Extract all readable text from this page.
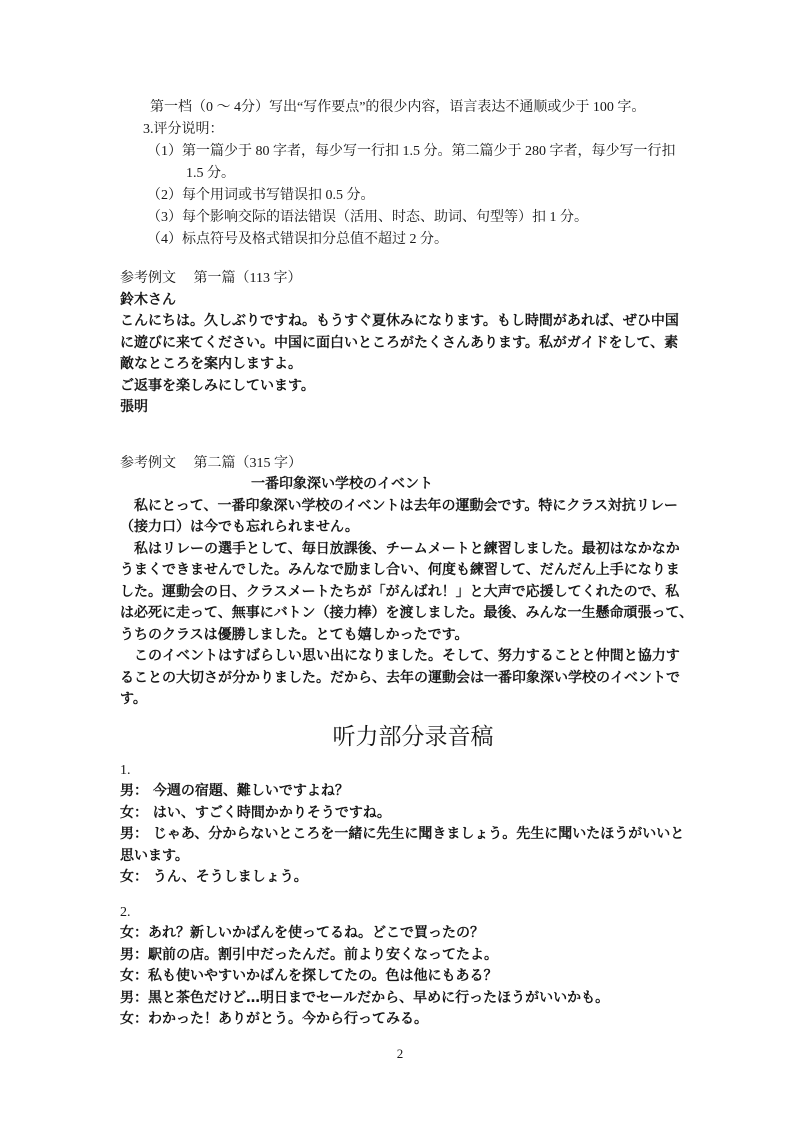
第一档（0 ～ 4分）写出“写作要点”的很少内容，语言表达不通顺或少于 100 字。
3.评分说明：
（1）第一篇少于 80 字者，每少写一行扣 1.5 分。第二篇少于 280 字者，每少写一行扣
1.5 分。
（2）每个用词或书写错误扣 0.5 分。
（3）每个影响交际的语法错误（活用、时态、助词、句型等）扣 1 分。
（4）标点符号及格式错误扣分总值不超过 2 分。
参考例文　 第一篇（113 字）
鈴木さん
こんにちは。久しぶりですね。もうすぐ夏休みになります。もし時間があれば、ぜひ中国
に遊びに来てください。中国に面白いところがたくさんあります。私がガイドをして、素
敵なところを案内しますよ。
ご返事を楽しみにしています。
張明
参考例文　 第二篇（315 字）
一番印象深い学校のイベント
私にとって、一番印象深い学校のイベントは去年の運動会です。特にクラス対抗リレー
（接力口）は今でも忘れられません。
私はリレーの選手として、毎日放課後、チームメートと練習しました。最初はなかなか
うまくできませんでした。みんなで励まし合い、何度も練習して、だんだん上手になりま
した。運動会の日、クラスメートたちが「がんばれ！」と大声で応援してくれたので、私
は必死に走って、無事にバトン（接力棒）を渡しました。最後、みんな一生懸命頑張って、
うちのクラスは優勝しました。とても嬉しかったです。
このイベントはすばらしい思い出になりました。そして、努力することと仲間と協力す
ることの大切さが分かりました。だから、去年の運動会は一番印象深い学校のイベントで
す。
听力部分录音稿
1.
男： 今週の宿題、難しいですよね？
女： はい、すごく時間かかりそうですね。
男： じゃあ、分からないところを一緒に先生に聞きましょう。先生に聞いたほうがいいと
思います。
女： うん、そうしましょう。
2.
女：あれ？新しいかばんを使ってるね。どこで買ったの？
男：駅前の店。割引中だったんだ。前より安くなってたよ。
女：私も使いやすいかばんを探してたの。色は他にもある？
男：黒と茶色だけど…明日までセールだから、早めに行ったほうがいいかも。
女：わかった！ありがとう。今から行ってみる。
2
